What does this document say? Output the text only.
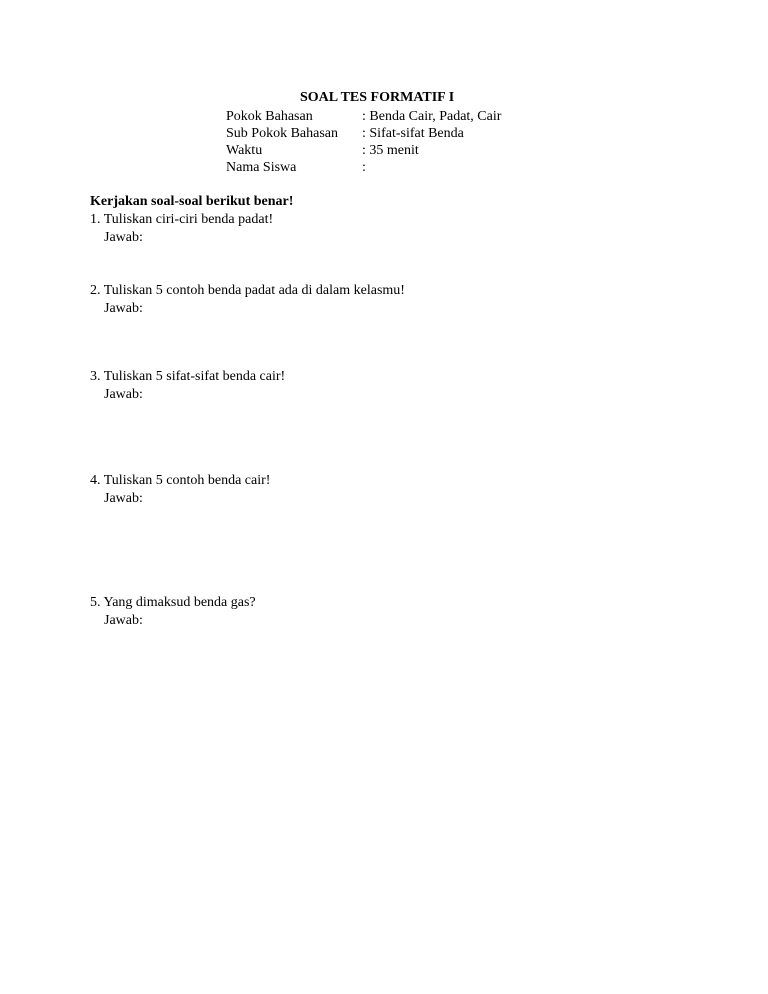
SOAL TES FORMATIF I
Pokok Bahasan	: Benda Cair, Padat, Cair
Sub Pokok Bahasan : Sifat-sifat Benda
Waktu	: 35 menit
Nama Siswa	:
Kerjakan soal-soal berikut benar!
1. Tuliskan ciri-ciri benda padat!
Jawab:
2. Tuliskan 5 contoh benda padat ada di dalam kelasmu!
Jawab:
3. Tuliskan 5 sifat-sifat benda cair!
Jawab:
4. Tuliskan 5 contoh benda cair!
Jawab:
5. Yang dimaksud benda gas?
Jawab:
